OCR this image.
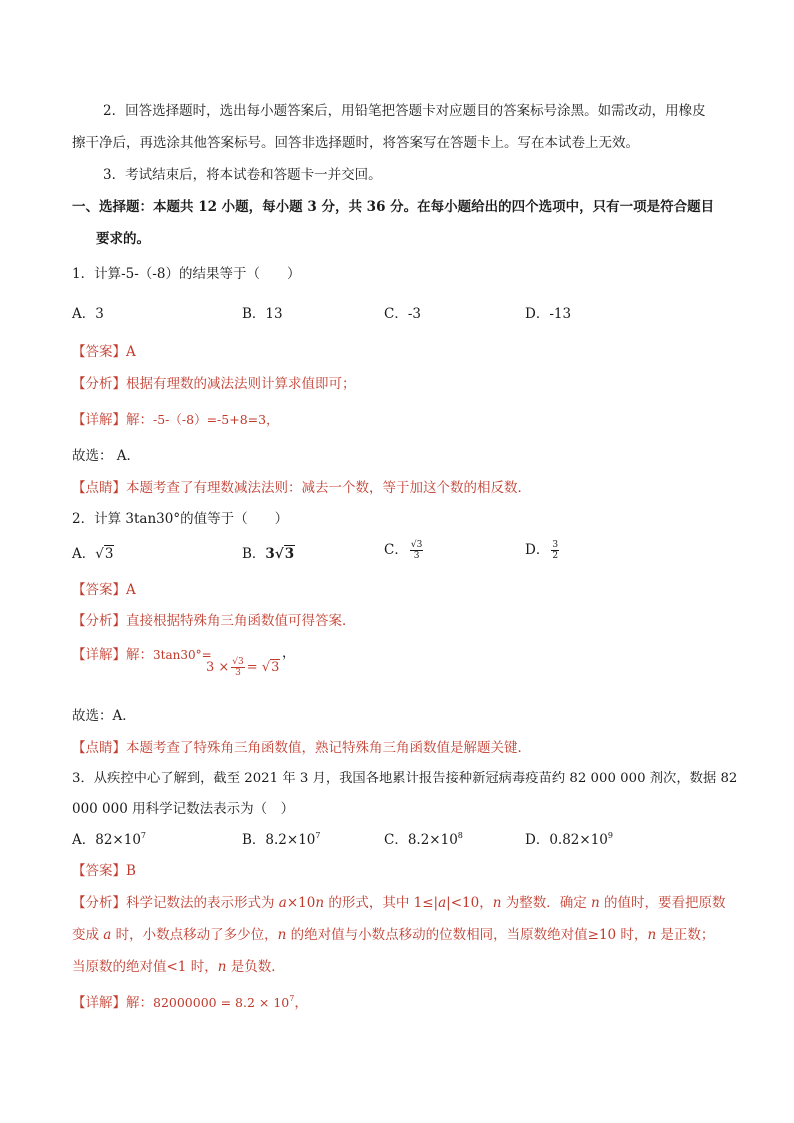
2．回答选择题时，选出每小题答案后，用铅笔把答题卡对应题目的答案标号涂黑。如需改动，用橡皮
擦干净后，再选涂其他答案标号。回答非选择题时，将答案写在答题卡上。写在本试卷上无效。
3．考试结束后，将本试卷和答题卡一并交回。
一、选择题：本题共 12 小题，每小题 3 分，共 36 分。在每小题给出的四个选项中，只有一项是符合题目
要求的。
1．计算-5-（-8）的结果等于（　　）
A．3	B．13	C．-3	D．-13
【答案】A
【分析】根据有理数的减法法则计算求值即可；
【详解】解：-5-（-8）=-5+8=3，
故选： A．
【点睛】本题考查了有理数减法法则：减去一个数，等于加这个数的相反数．
2．计算 3tan30°的值等于（　　）
A．√3	B．3√3	C． $\frac{√3}{3}$	D． $\frac{3}{2}$
【答案】A
【分析】直接根据特殊角三角函数值可得答案．
【详解】解：3tan30°=
$3 \times \frac{√3}{3} = √3$
，
故选：A．
【点睛】本题考查了特殊角三角函数值，熟记特殊角三角函数值是解题关键．
3．从疾控中心了解到，截至 2021 年 3 月，我国各地累计报告接种新冠病毒疫苗约 82 000 000 剂次，数据 82
000 000 用科学记数法表示为（　）
A．$82\times 10^7$	B．$8.2\times 10^7$	C．$8.2\times 10^8$	D．$0.82\times 10^9$
【答案】B
【分析】科学记数法的表示形式为 a×10n 的形式，其中 1≤|a|<10，n 为整数．确定 n 的值时，要看把原数
变成 a 时，小数点移动了多少位，n 的绝对值与小数点移动的位数相同，当原数绝对值≥10 时，n 是正数；
当原数的绝对值<1 时，n 是负数．
【详解】解：$82000000 = 8.2 \times 10^7$，
